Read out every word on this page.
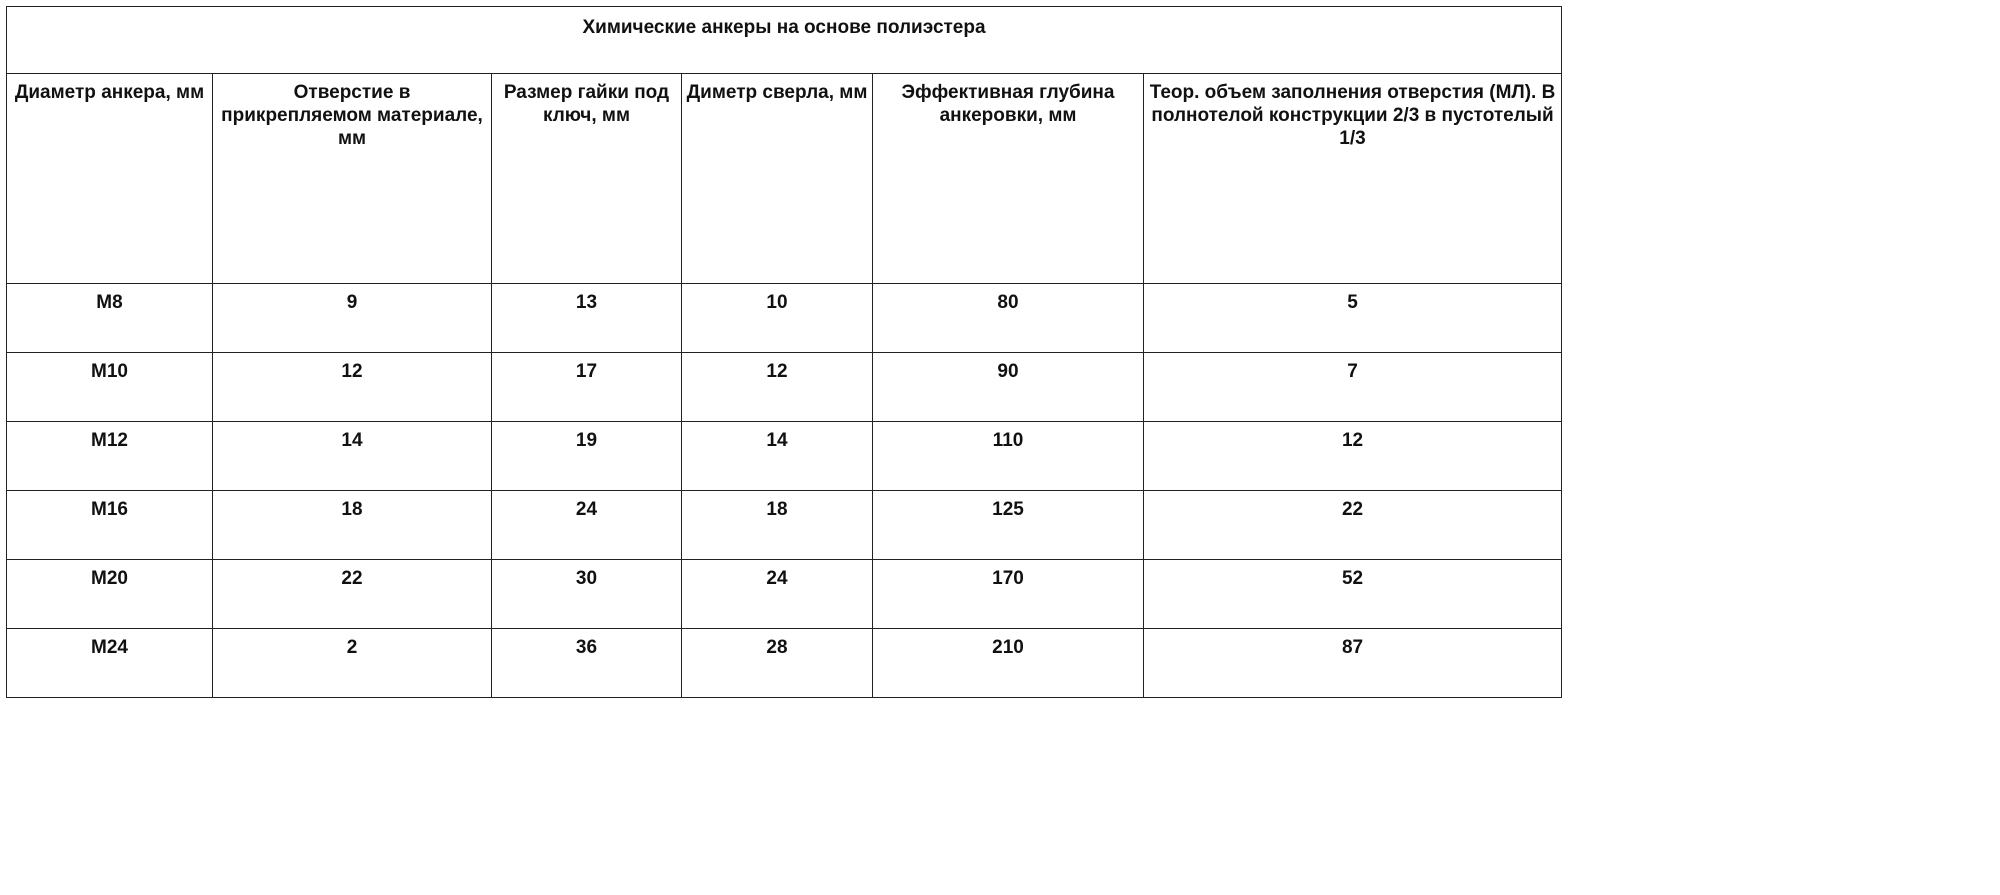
Химические анкеры на основе полиэстера					

Диаметр анкера, мм	Отверстие в прикрепляемом материале, мм	Размер гайки под ключ, мм	Диметр сверла, мм	Эффективная глубина анкеровки, мм	Теор. объем заполнения отверстия (МЛ). В полнотелой конструкции 2/3 в пустотелый 1/3

М8	9	13	10	80	5

М10	12	17	12	90	7

М12	14	19	14	110	12

М16	18	24	18	125	22

М20	22	30	24	170	52

М24	2	36	28	210	87
